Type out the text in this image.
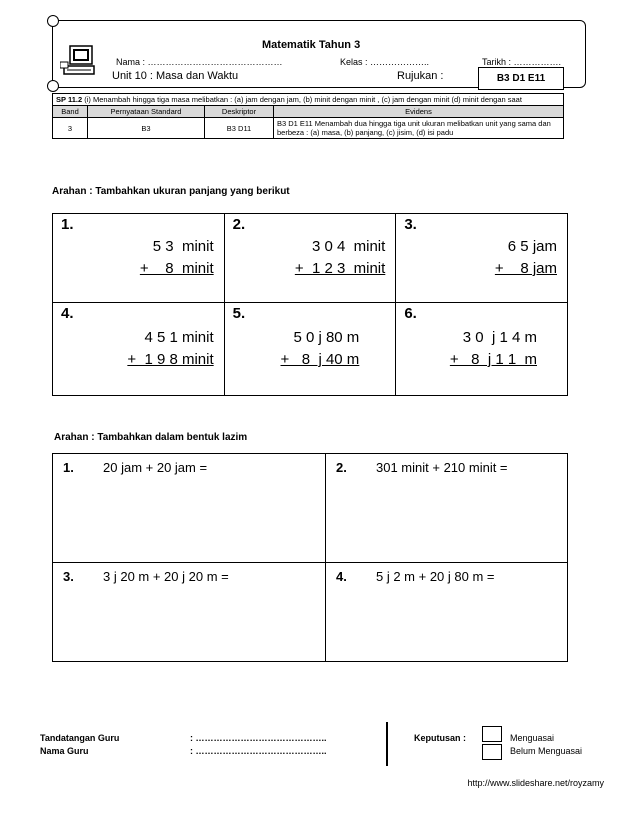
Matematik Tahun 3
Nama : ………………………………………	Kelas : ………………..	Tarikh : …………….
Unit 10 : Masa dan Waktu	Rujukan :	B3 D1 E11
SP 11.2 (i) Menambah hingga tiga masa melibatkan : (a) jam dengan jam, (b) minit dengan minit , (c) jam dengan minit (d) minit dengan saat			
Band	Pernyataan Standard	Deskriptor	Evidens
3	B3	B3 D11	B3 D1 E11 Menambah dua hingga tiga unit ukuran melibatkan unit yang sama dan berbeza : (a) masa, (b) panjang, (c) jisim, (d) isi padu
Arahan : Tambahkan ukuran panjang yang berikut
1.
5 3  minit
+    8  minit	2.
3 0 4  minit
+  1 2 3  minit	3.
6 5 jam
+    8 jam

4.
4 5 1 minit
+  1 9 8 minit	5.
5 0 j 80 m
+   8  j 40 m	6.
3 0  j 1 4 m
+   8  j 1 1  m
Arahan : Tambahkan dalam bentuk lazim
1. 20 jam + 20 jam =	2. 301 minit + 210 minit =

3. 3 j 20 m + 20 j 20 m =	4. 5 j 2 m + 20 j 80 m =
Tandatangan Guru	: ……………………………………..
Nama Guru	: ……………………………………..
Keputusan :	Menguasai
Belum Menguasai
http://www.slideshare.net/royzamy
